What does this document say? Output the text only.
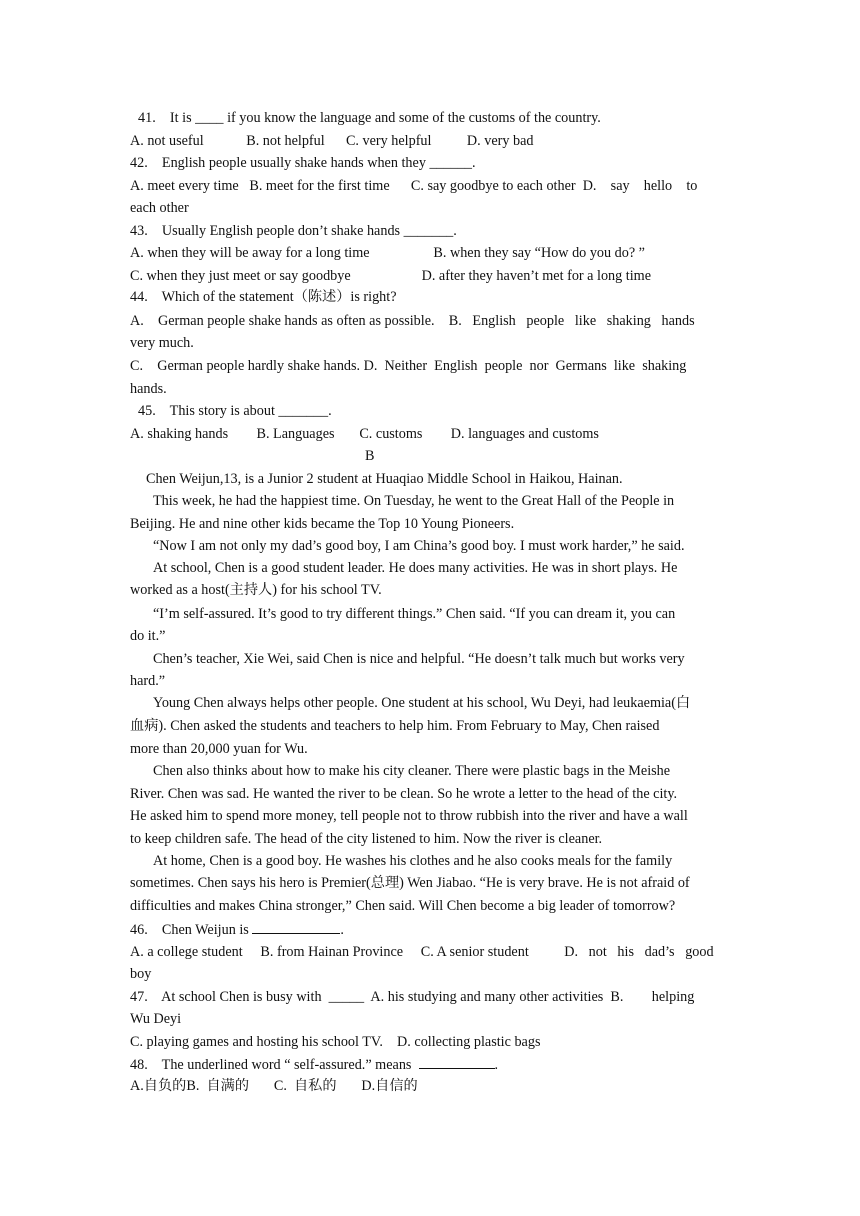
41.    It is ____ if you know the language and some of the customs of the country.
A. not useful            B. not helpful      C. very helpful          D. very bad
42.    English people usually shake hands when they ______.
A. meet every time   B. meet for the first time      C. say goodbye to each other  D.    say    hello    to
each other
43.    Usually English people don’t shake hands _______.
A. when they will be away for a long time                  B. when they say “How do you do? ”
C. when they just meet or say goodbye                    D. after they haven’t met for a long time
44.    Which of the statement（陈述）is right?
A.    German people shake hands as often as possible.    B.   English   people   like   shaking   hands
very much.
C.    German people hardly shake hands. D.  Neither  English  people  nor  Germans  like  shaking
hands.
45.    This story is about _______.
A. shaking hands        B. Languages       C. customs        D. languages and customs
B
Chen Weijun,13, is a Junior 2 student at Huaqiao Middle School in Haikou, Hainan.
This week, he had the happiest time. On Tuesday, he went to the Great Hall of the People in
Beijing. He and nine other kids became the Top 10 Young Pioneers.
“Now I am not only my dad’s good boy, I am China’s good boy. I must work harder,” he said.
At school, Chen is a good student leader. He does many activities. He was in short plays. He
worked as a host(主持人) for his school TV.
“I’m self-assured. It’s good to try different things.” Chen said. “If you can dream it, you can
do it.”
Chen’s teacher, Xie Wei, said Chen is nice and helpful. “He doesn’t talk much but works very
hard.”
Young Chen always helps other people. One student at his school, Wu Deyi, had leukaemia(白
血病). Chen asked the students and teachers to help him. From February to May, Chen raised
more than 20,000 yuan for Wu.
Chen also thinks about how to make his city cleaner. There were plastic bags in the Meishe
River. Chen was sad. He wanted the river to be clean. So he wrote a letter to the head of the city.
He asked him to spend more money, tell people not to throw rubbish into the river and have a wall
to keep children safe. The head of the city listened to him. Now the river is cleaner.
At home, Chen is a good boy. He washes his clothes and he also cooks meals for the family
sometimes. Chen says his hero is Premier(总理) Wen Jiabao. “He is very brave. He is not afraid of
difficulties and makes China stronger,” Chen said. Will Chen become a big leader of tomorrow?
46.    Chen Weijun is	.
A. a college student     B. from Hainan Province     C. A senior student          D.   not   his   dad’s   good
boy
47.    At school Chen is busy with  _____  A. his studying and many other activities  B.        helping
Wu Deyi
C. playing games and hosting his school TV.    D. collecting plastic bags
48.    The underlined word “ self-assured.” means	.
A.自负的B.  自满的       C.  自私的       D.自信的
